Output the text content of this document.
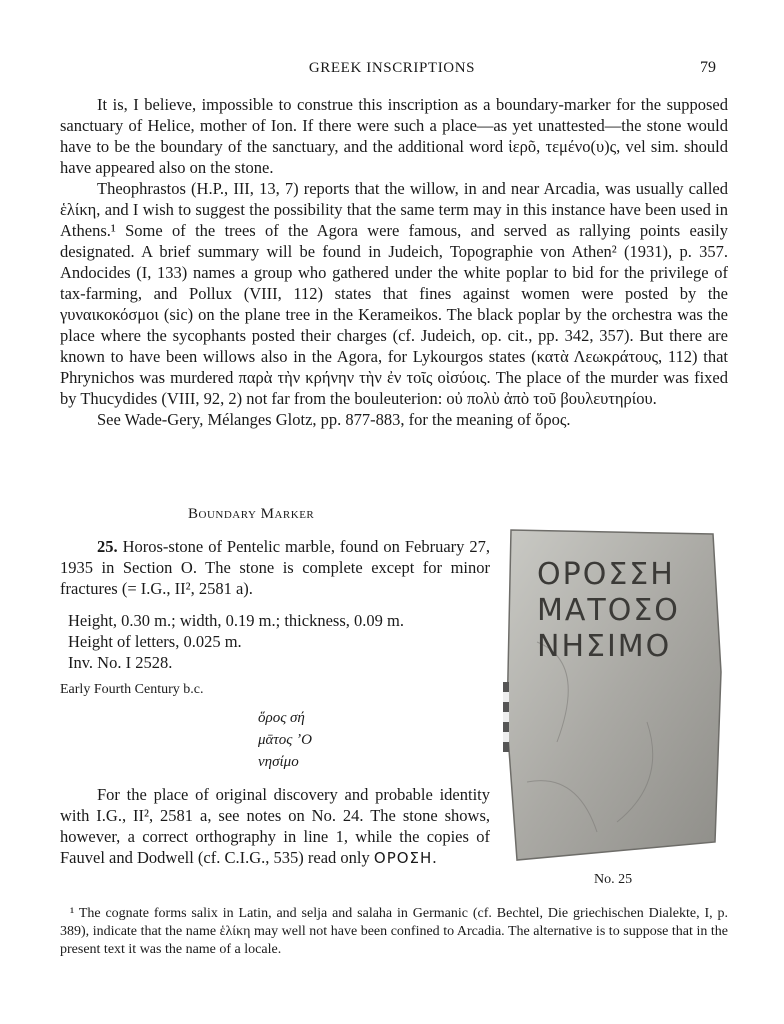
GREEK INSCRIPTIONS	79

It is, I believe, impossible to construe this inscription as a boundary-marker for the supposed sanctuary of Helice, mother of Ion. If there were such a place—as yet unattested—the stone would have to be the boundary of the sanctuary, and the additional word ἱερõ, τεμένο(υ)ς, vel sim. should have appeared also on the stone.

Theophrastos (H.P., III, 13, 7) reports that the willow, in and near Arcadia, was usually called ἑλίκη, and I wish to suggest the possibility that the same term may in this instance have been used in Athens.¹ Some of the trees of the Agora were famous, and served as rallying points easily designated. A brief summary will be found in Judeich, Topographie von Athen² (1931), p. 357. Andocides (I, 133) names a group who gathered under the white poplar to bid for the privilege of tax-farming, and Pollux (VIII, 112) states that fines against women were posted by the γυναικοκόσμοι (sic) on the plane tree in the Kerameikos. The black poplar by the orchestra was the place where the sycophants posted their charges (cf. Judeich, op. cit., pp. 342, 357). But there are known to have been willows also in the Agora, for Lykourgos states (κατὰ Λεωκράτους, 112) that Phrynichos was murdered παρὰ τὴν κρήνην τὴν ἐν τοῖς οἰσύοις. The place of the murder was fixed by Thucydides (VIII, 92, 2) not far from the bouleuterion: οὐ πολὺ ἀπὸ τοῦ βουλευτηρίου.

See Wade-Gery, Mélanges Glotz, pp. 877-883, for the meaning of ὅρος.

Boundary Marker

25. Horos-stone of Pentelic marble, found on February 27, 1935 in Section O. The stone is complete except for minor fractures (= I.G., II², 2581 a).

Height, 0.30 m.; width, 0.19 m.; thickness, 0.09 m.
Height of letters, 0.025 m.
Inv. No. I 2528.
Early Fourth Century b.c.
ὅρος σή
μᾱτος ʼΟ
νησίμο

For the place of original discovery and probable identity with I.G., II², 2581 a, see notes on No. 24. The stone shows, however, a correct orthography in line 1, while the copies of Fauvel and Dodwell (cf. C.I.G., 535) read only ΟΡΟΣΗ.

ΟΡΟΣΣΗ
ΜΑΤΟΣΟ
ΝΗΣΙΜΟ
No. 25

¹ The cognate forms salix in Latin, and selja and salaha in Germanic (cf. Bechtel, Die griechischen Dialekte, I, p. 389), indicate that the name ἑλίκη may well not have been confined to Arcadia. The alternative is to suppose that in the present text it was the name of a locale.
